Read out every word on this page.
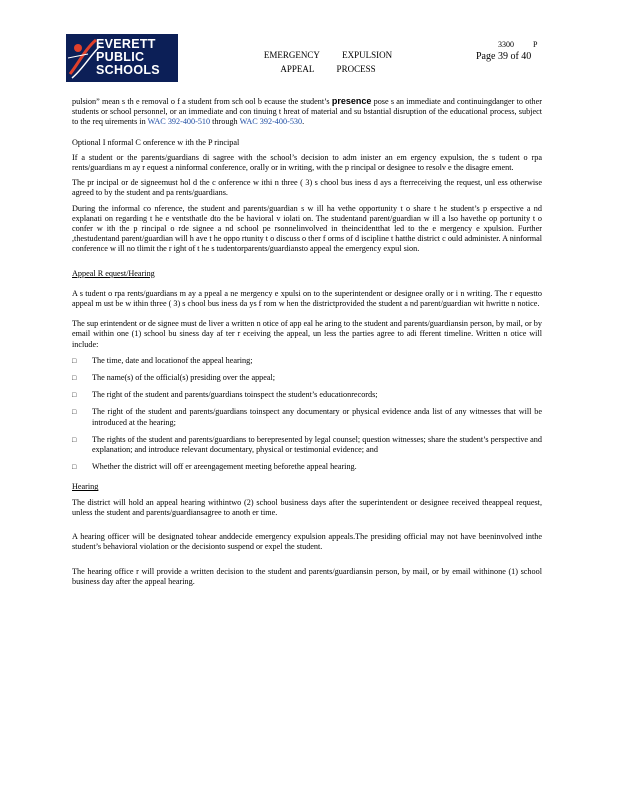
EVERETT
PUBLIC
SCHOOLS
EMERGENCY          EXPULSION
APPEAL          PROCESS
3300 P
Page 39 of 40

pulsion” mean s th e removal o f a student from sch ool b ecause the student’s presence pose s an immediate and continuingdanger to other students or school personnel, or an immediate and con tinuing t hreat of material and su bstantial disruption of the educational process, subject to the req uirements in WAC 392-400-510 through WAC 392-400-530.

Optional I nformal C onference w ith the P rincipal

If a student or the parents/guardians di sagree with the school’s decision to adm inister an em ergency expulsion, the s tudent o rpa rents/guardians m ay r equest a ninformal conference, orally or in writing, with the p rincipal or designee to resolv e the disagre ement.

The pr incipal or de signeemust hol d the c onference w ithi n three ( 3) s chool bus iness d ays a fterreceiving the request, unl ess otherwise agreed to by the student and pa rents/guardians.

During the informal co nference, the student and parents/guardian s w ill ha vethe opportunity t o share t he student’s p erspective a nd explanati on regarding t he e ventsthatle dto the be havioral v iolati on. The studentand parent/guardian w ill a lso havethe op portunity t o confer w ith the p rincipal o rde signee a nd school pe rsonnelinvolved in theincidentthat led to the e mergency e xpulsion. Further ,thestudentand parent/guardian will h ave t he oppo rtunity t o discuss o ther f orms of d iscipline t hatthe district c ould administer. A ninformal conference w ill no tlimit the r ight of t he s tudentorparents/guardiansto appeal the emergency expul sion.

Appeal R equest/Hearing

A s tudent o rpa rents/guardians m ay a ppeal a ne mergency e xpulsi on to the superintendent or designee orally or i n writing. The r equestto appeal m ust be w ithin three ( 3) s chool bus iness da ys f rom w hen the districtprovided the student a nd parent/guardian wit hwritte n notice.

The sup erintendent or de signee must de liver a written n otice of app eal he aring to the student and parents/guardiansin person, by mail, or by email within one (1) school bu siness day af ter r eceiving the appeal, un less the parties agree to adi fferent timeline. Written n otice will include:

□ The time, date and locationof the appeal hearing;
□ The name(s) of the official(s) presiding over the appeal;
□ The right of the student and parents/guardians toinspect the student’s educationrecords;
□ The right of the student and parents/guardians toinspect any documentary or physical evidence anda list of any witnesses that will be introduced at the hearing;
□ The rights of the student and parents/guardians to berepresented by legal counsel; question witnesses; share the student’s perspective and explanation; and introduce relevant documentary, physical or testimonial evidence; and
□ Whether the district will off er areengagement meeting beforethe appeal hearing.

Hearing

The district will hold an appeal hearing withintwo (2) school business days after the superintendent or designee received theappeal request, unless the student and parents/guardiansagree to anoth er time.

A hearing officer will be designated tohear anddecide emergency expulsion appeals.The presiding official may not have beeninvolved inthe student’s behavioral violation or the decisionto suspend or expel the student.

The hearing office r will provide a written decision to the student and parents/guardiansin person, by mail, or by email withinone (1) school business day after the appeal hearing.
